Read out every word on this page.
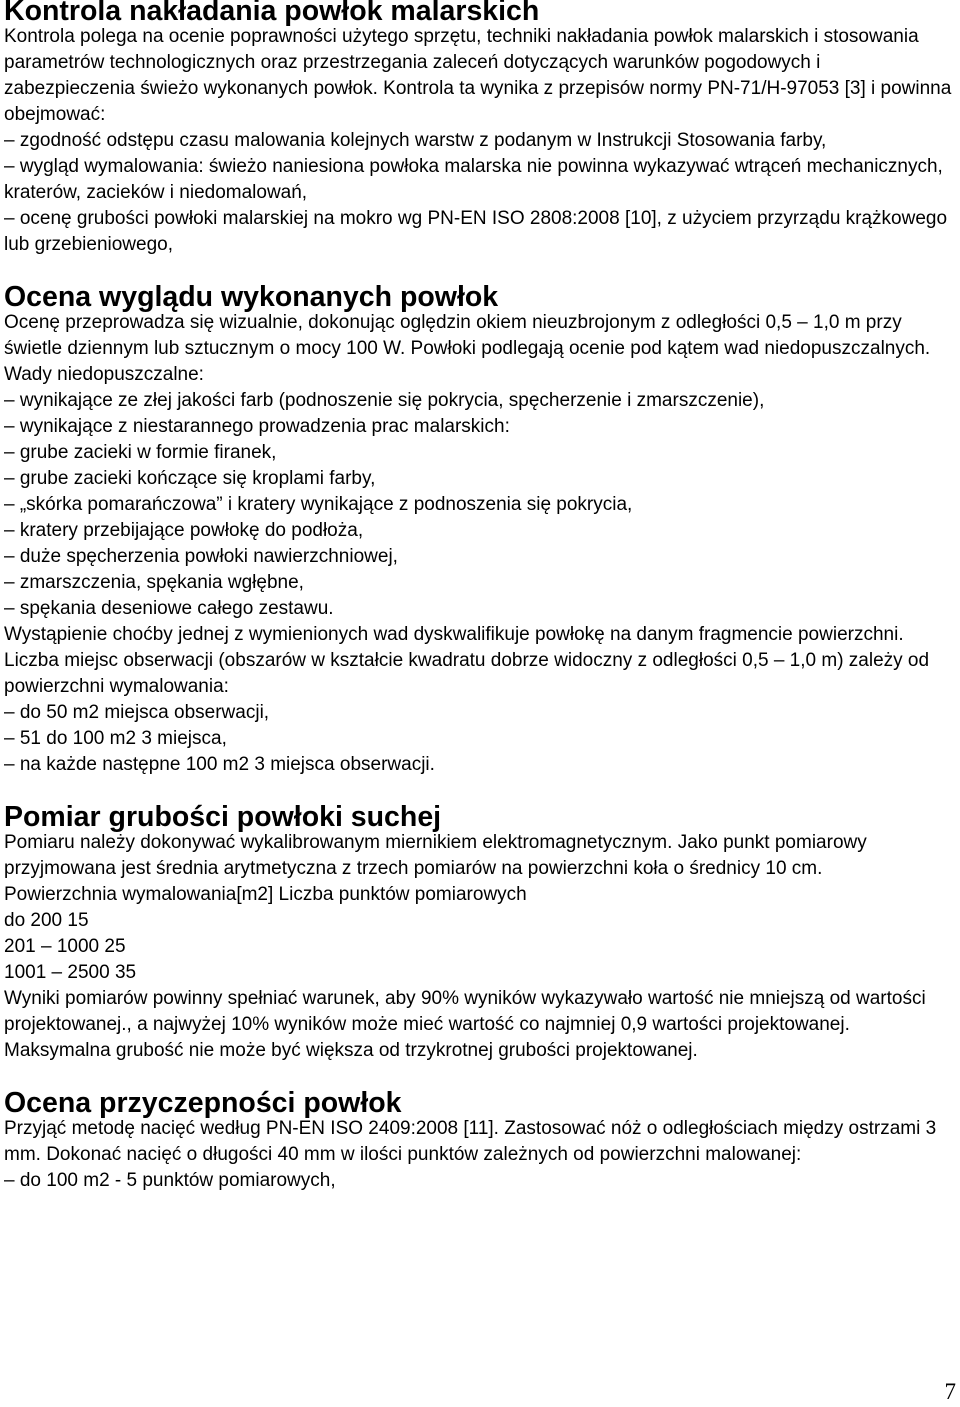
Kontrola nakładania powłok malarskich

Kontrola polega na ocenie poprawności użytego sprzętu, techniki nakładania powłok malarskich i stosowania parametrów technologicznych oraz przestrzegania zaleceń dotyczących warunków pogodowych i zabezpieczenia świeżo wykonanych powłok. Kontrola ta wynika z przepisów normy PN-71/H-97053 [3] i powinna obejmować:

– zgodność odstępu czasu malowania kolejnych warstw z podanym w Instrukcji Stosowania farby,

– wygląd wymalowania: świeżo naniesiona powłoka malarska nie powinna wykazywać wtrąceń mechanicznych, kraterów, zacieków i niedomalowań,

– ocenę grubości powłoki malarskiej na mokro wg PN-EN ISO 2808:2008 [10], z użyciem przyrządu krążkowego lub grzebieniowego,

Ocena wyglądu wykonanych powłok

Ocenę przeprowadza się wizualnie, dokonując oględzin okiem nieuzbrojonym z odległości 0,5 – 1,0 m przy świetle dziennym lub sztucznym o mocy 100 W. Powłoki podlegają ocenie pod kątem wad niedopuszczalnych.

Wady niedopuszczalne:

– wynikające ze złej jakości farb (podnoszenie się pokrycia, spęcherzenie i zmarszczenie),

– wynikające z niestarannego prowadzenia prac malarskich:

– grube zacieki w formie firanek,

– grube zacieki kończące się kroplami farby,

– „skórka pomarańczowa” i kratery wynikające z podnoszenia się pokrycia,

– kratery przebijające powłokę do podłoża,

– duże spęcherzenia powłoki nawierzchniowej,

– zmarszczenia, spękania wgłębne,

– spękania deseniowe całego zestawu.

Wystąpienie choćby jednej z wymienionych wad dyskwalifikuje powłokę na danym fragmencie powierzchni. Liczba miejsc obserwacji (obszarów w kształcie kwadratu dobrze widoczny z odległości 0,5 – 1,0 m) zależy od powierzchni wymalowania:

– do 50 m2 miejsca obserwacji,

– 51 do 100 m2 3 miejsca,

– na każde następne 100 m2 3 miejsca obserwacji.

Pomiar grubości powłoki suchej

Pomiaru należy dokonywać wykalibrowanym miernikiem elektromagnetycznym. Jako punkt pomiarowy przyjmowana jest średnia arytmetyczna z trzech pomiarów na powierzchni koła o średnicy 10 cm.

Powierzchnia wymalowania[m2] Liczba punktów pomiarowych

do 200 15

201 – 1000 25

1001 – 2500 35

Wyniki pomiarów powinny spełniać warunek, aby 90% wyników wykazywało wartość nie mniejszą od wartości projektowanej., a najwyżej 10% wyników może mieć wartość co najmniej 0,9 wartości projektowanej. Maksymalna grubość nie może być większa od trzykrotnej grubości projektowanej.

Ocena przyczepności powłok

Przyjąć metodę nacięć według PN-EN ISO 2409:2008 [11]. Zastosować nóż o odległościach między ostrzami 3 mm. Dokonać nacięć o długości 40 mm w ilości punktów zależnych od powierzchni malowanej:

– do 100 m2 - 5 punktów pomiarowych,

7
